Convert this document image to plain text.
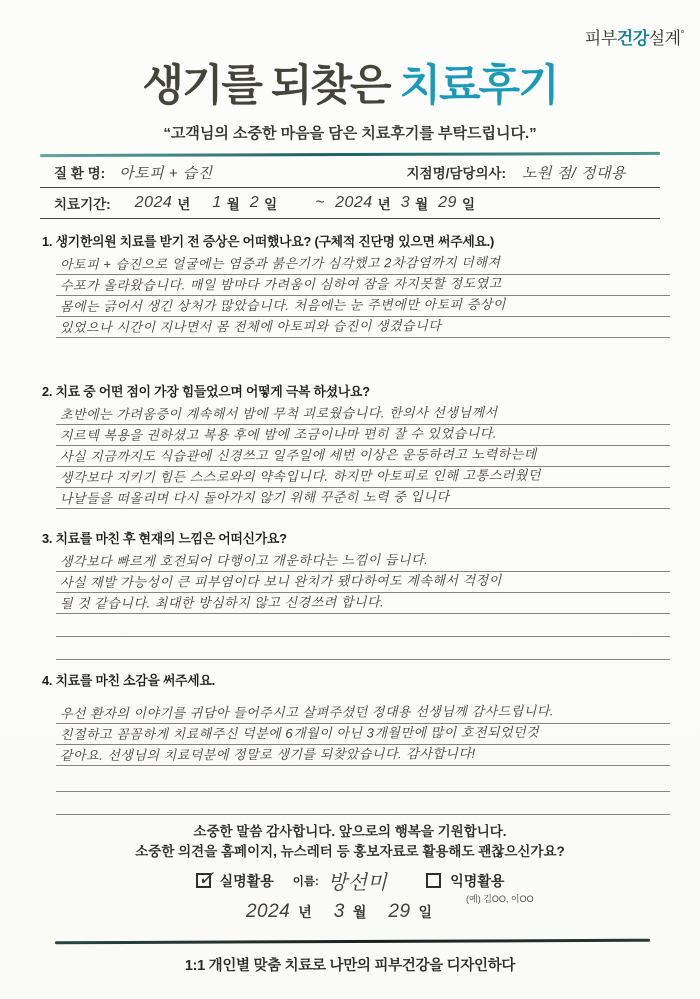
피부건강설계°
생기를 되찾은 치료후기
“고객님의 소중한 마음을 담은 치료후기를 부탁드립니다.”
질 환 명: 아토피 + 습진	지점명/담당의사: 노원 점/ 정대용
치료기간: 2024 년 1 월 2 일 ~ 2024 년 3 월 29 일
1. 생기한의원 치료를 받기 전 증상은 어떠했나요? (구체적 진단명 있으면 써주세요.)
아토피 + 습진으로 얼굴에는 염증과 붉은기가 심각했고 2차감염까지 더해져
수포가 올라왔습니다. 매일 밤마다 가려움이 심하여 잠을 자지못할 정도였고
몸에는 긁어서 생긴 상처가 많았습니다. 처음에는 눈 주변에만 아토피 증상이
있었으나 시간이 지나면서 몸 전체에 아토피와 습진이 생겼습니다
2. 치료 중 어떤 점이 가장 힘들었으며 어떻게 극복 하셨나요?
초반에는 가려움증이 계속해서 밤에 무척 괴로웠습니다. 한의사 선생님께서
지르텍 복용을 권하셨고 복용 후에 밤에 조금이나마 편히 잘 수 있었습니다.
사실 지금까지도 식습관에 신경쓰고 일주일에 세번 이상은 운동하려고 노력하는데
생각보다 지키기 힘든 스스로와의 약속입니다. 하지만 아토피로 인해 고통스러웠던
나날들을 떠올리며 다시 돌아가지 않기 위해 꾸준히 노력 중 입니다
3. 치료를 마친 후 현재의 느낌은 어떠신가요?
생각보다 빠르게 호전되어 다행이고 개운하다는 느낌이 듭니다.
사실 재발 가능성이 큰 피부염이다 보니 완치가 됐다하여도 계속해서 걱정이
될 것 같습니다. 최대한 방심하지 않고 신경쓰려 합니다.
4. 치료를 마친 소감을 써주세요.
우선 환자의 이야기를 귀담아 들어주시고 살펴주셨던 정대용 선생님께 감사드립니다.
친절하고 꼼꼼하게 치료해주신 덕분에 6개월이 아닌 3개월만에 많이 호전되었던것
같아요. 선생님의 치료덕분에 정말로 생기를 되찾았습니다. 감사합니다!
소중한 말씀 감사합니다. 앞으로의 행복을 기원합니다.
소중한 의견을 홈페이지, 뉴스레터 등 홍보자료로 활용해도 괜찮으신가요?
✓ 실명활용 이름: 방선미	익명활용
(예) 김OO, 이OO
2024 년 3 월 29 일
1:1 개인별 맞춤 치료로 나만의 피부건강을 디자인하다
